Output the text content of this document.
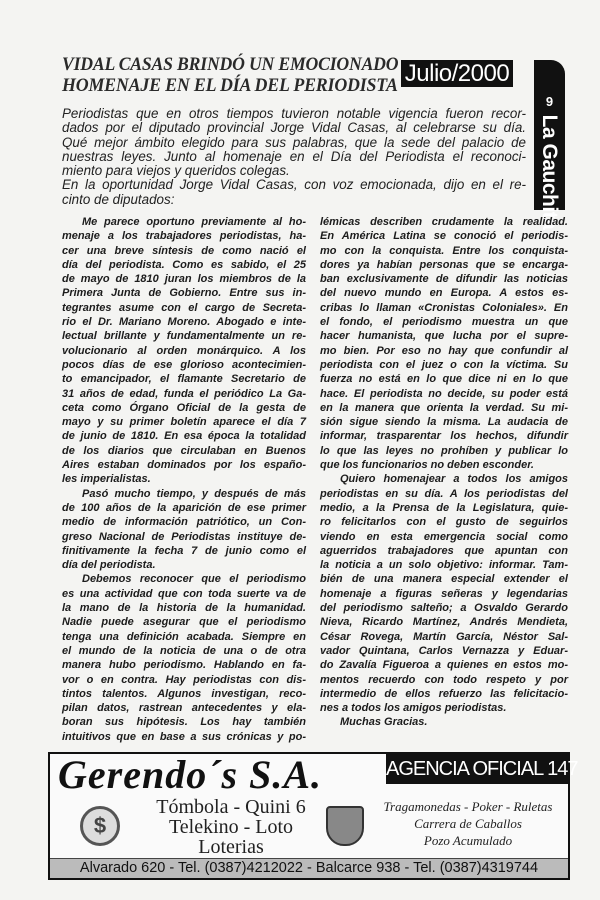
VIDAL CASAS BRINDÓ UN EMOCIONADO
HOMENAJE EN EL DÍA DEL PERIODISTA Julio/2000
9
La Gauchita
Periodistas que en otros tiempos tuvieron notable vigencia fueron recor-
dados por el diputado provincial Jorge Vidal Casas, al celebrarse su día.
Qué mejor ámbito elegido para sus palabras, que la sede del palacio de
nuestras leyes. Junto al homenaje en el Día del Periodista el reconoci-
miento para viejos y queridos colegas.
En la oportunidad Jorge Vidal Casas, con voz emocionada, dijo en el re-
cinto de diputados:
Me parece oportuno previamente al ho-
menaje a los trabajadores periodistas, ha-
cer una breve síntesis de como nació el
día del periodista. Como es sabido, el 25
de mayo de 1810 juran los miembros de la
Primera Junta de Gobierno. Entre sus in-
tegrantes asume con el cargo de Secreta-
rio el Dr. Mariano Moreno. Abogado e inte-
lectual brillante y fundamentalmente un re-
volucionario al orden monárquico. A los
pocos días de ese glorioso acontecimien-
to emancipador, el flamante Secretario de
31 años de edad, funda el periódico La Ga-
ceta como Órgano Oficial de la gesta de
mayo y su primer boletín aparece el día 7
de junio de 1810. En esa época la totalidad
de los diarios que circulaban en Buenos
Aires estaban dominados por los españo-
les imperialistas.
Pasó mucho tiempo, y después de más
de 100 años de la aparición de ese primer
medio de información patriótico, un Con-
greso Nacional de Periodistas instituye de-
finitivamente la fecha 7 de junio como el
día del periodista.
Debemos reconocer que el periodismo
es una actividad que con toda suerte va de
la mano de la historia de la humanidad.
Nadie puede asegurar que el periodismo
tenga una definición acabada. Siempre en
el mundo de la noticia de una o de otra
manera hubo periodismo. Hablando en fa-
vor o en contra. Hay periodistas con dis-
tintos talentos. Algunos investigan, reco-
pilan datos, rastrean antecedentes y ela-
boran sus hipótesis. Los hay también
intuitivos que en base a sus crónicas y po-
lémicas describen crudamente la realidad.
En América Latina se conoció el periodis-
mo con la conquista. Entre los conquista-
dores ya habían personas que se encarga-
ban exclusivamente de difundir las noticias
del nuevo mundo en Europa. A estos es-
cribas lo llaman «Cronistas Coloniales». En
el fondo, el periodismo muestra un que
hacer humanista, que lucha por el supre-
mo bien. Por eso no hay que confundir al
periodista con el juez o con la víctima. Su
fuerza no está en lo que dice ni en lo que
hace. El periodista no decide, su poder está
en la manera que orienta la verdad. Su mi-
sión sigue siendo la misma. La audacia de
informar, trasparentar los hechos, difundir
lo que las leyes no prohíben y publicar lo
que los funcionarios no deben esconder.
Quiero homenajear a todos los amigos
periodistas en su día. A los periodistas del
medio, a la Prensa de la Legislatura, quie-
ro felicitarlos con el gusto de seguirlos
viendo en esta emergencia social como
aguerridos trabajadores que apuntan con
la noticia a un solo objetivo: informar. Tam-
bién de una manera especial extender el
homenaje a figuras señeras y legendarias
del periodismo salteño; a Osvaldo Gerardo
Nieva, Ricardo Martínez, Andrés Mendieta,
César Rovega, Martín García, Néstor Sal-
vador Quintana, Carlos Vernazza y Eduar-
do Zavalía Figueroa a quienes en estos mo-
mentos recuerdo con todo respeto y por
intermedio de ellos refuerzo las felicitacio-
nes a todos los amigos periodistas.
Muchas Gracias.
Gerendo´s S.A.	AGENCIA OFICIAL 147
$
Tómbola - Quini 6
Telekino - Loto
Loterias
Tragamonedas - Poker - Ruletas
Carrera de Caballos
Pozo Acumulado
Alvarado 620 - Tel. (0387)4212022 - Balcarce 938 - Tel. (0387)4319744
